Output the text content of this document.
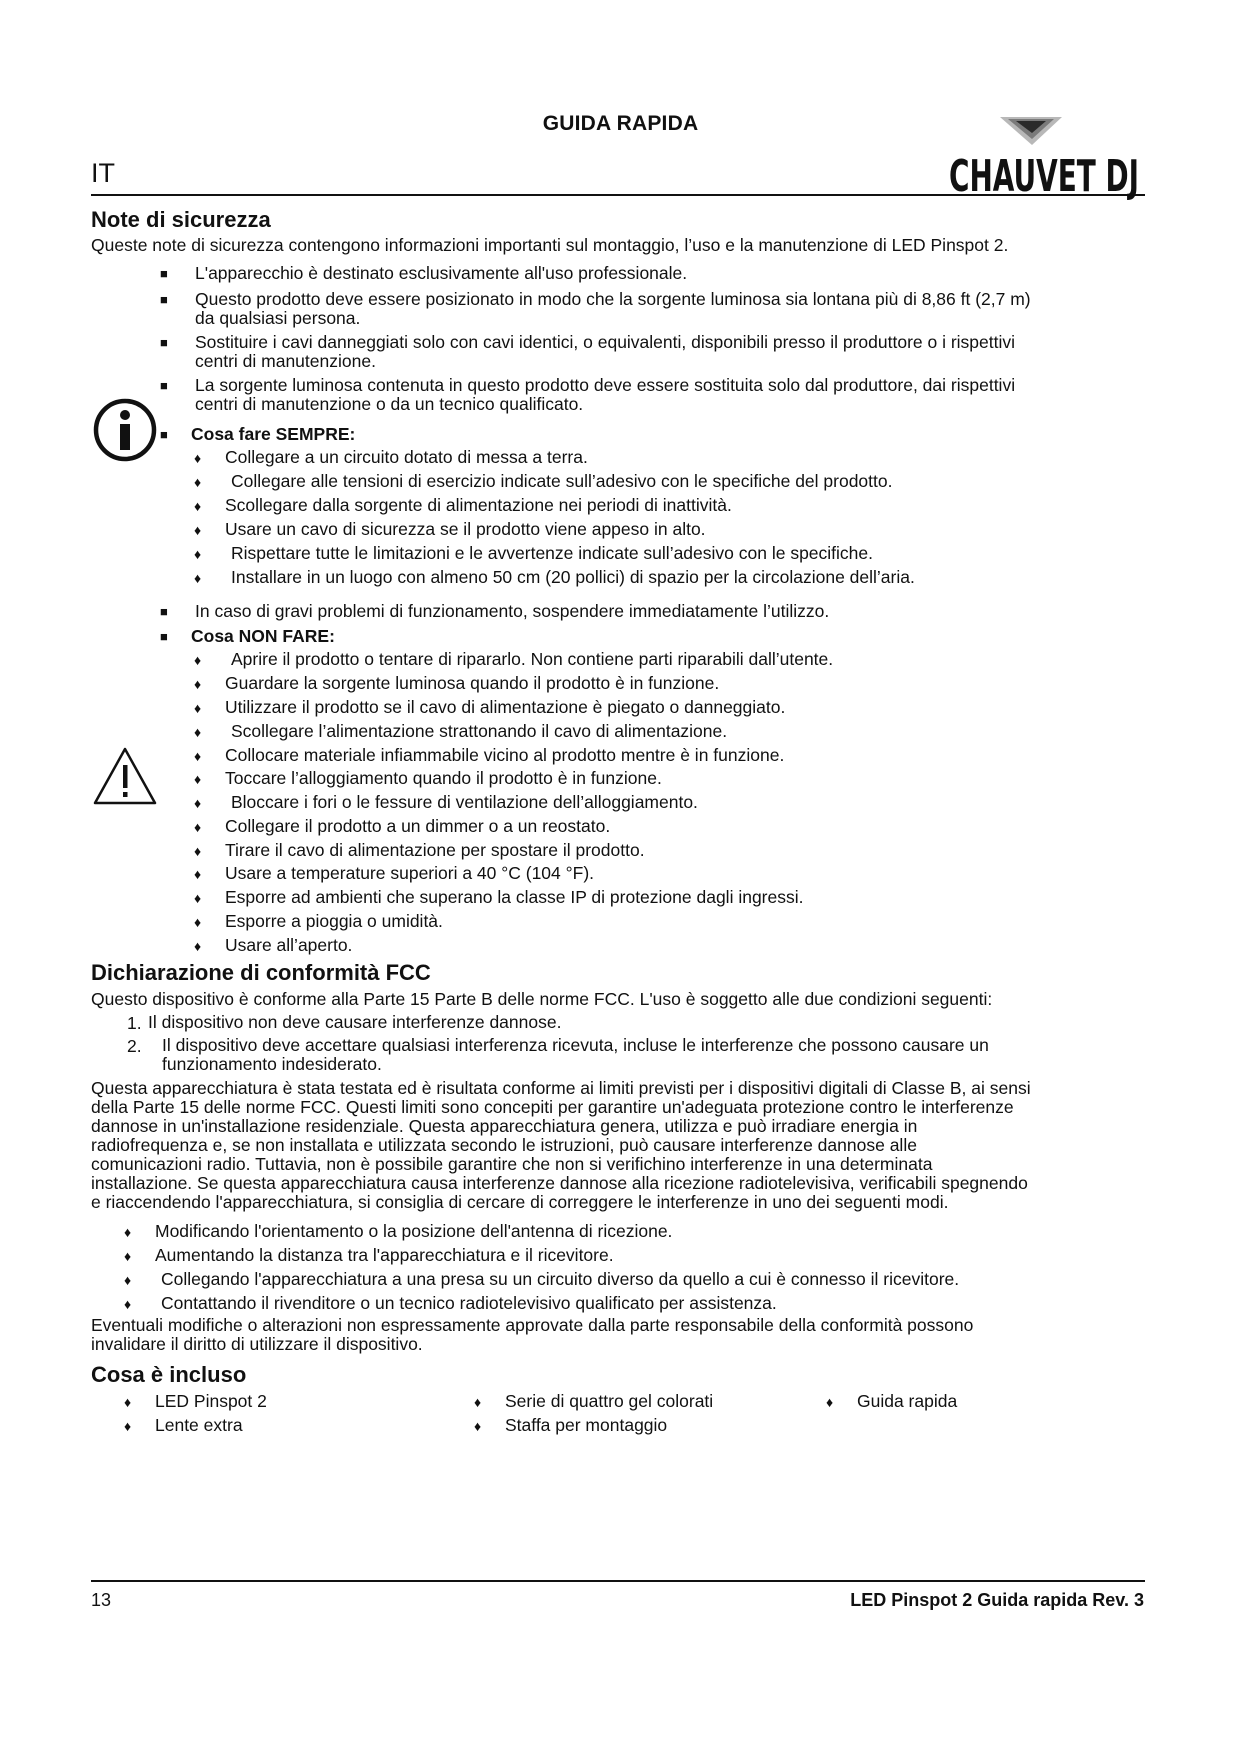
GUIDA RAPIDA
IT	CHAUVET DJ
Note di sicurezza
Queste note di sicurezza contengono informazioni importanti sul montaggio, l’uso e la manutenzione di LED Pinspot 2.
■ L'apparecchio è destinato esclusivamente all'uso professionale.
■ Questo prodotto deve essere posizionato in modo che la sorgente luminosa sia lontana più di 8,86 ft (2,7 m)
da qualsiasi persona.
■ Sostituire i cavi danneggiati solo con cavi identici, o equivalenti, disponibili presso il produttore o i rispettivi
centri di manutenzione.
■ La sorgente luminosa contenuta in questo prodotto deve essere sostituita solo dal produttore, dai rispettivi
centri di manutenzione o da un tecnico qualificato.
■ Cosa fare SEMPRE:
♦ Collegare a un circuito dotato di messa a terra.
♦ Collegare alle tensioni di esercizio indicate sull’adesivo con le specifiche del prodotto.
♦ Scollegare dalla sorgente di alimentazione nei periodi di inattività.
♦ Usare un cavo di sicurezza se il prodotto viene appeso in alto.
♦ Rispettare tutte le limitazioni e le avvertenze indicate sull’adesivo con le specifiche.
♦ Installare in un luogo con almeno 50 cm (20 pollici) di spazio per la circolazione dell’aria.
■ In caso di gravi problemi di funzionamento, sospendere immediatamente l’utilizzo.
■ Cosa NON FARE:
♦ Aprire il prodotto o tentare di ripararlo. Non contiene parti riparabili dall’utente.
♦ Guardare la sorgente luminosa quando il prodotto è in funzione.
♦ Utilizzare il prodotto se il cavo di alimentazione è piegato o danneggiato.
♦ Scollegare l’alimentazione strattonando il cavo di alimentazione.
♦ Collocare materiale infiammabile vicino al prodotto mentre è in funzione.
♦ Toccare l’alloggiamento quando il prodotto è in funzione.
♦ Bloccare i fori o le fessure di ventilazione dell’alloggiamento.
♦ Collegare il prodotto a un dimmer o a un reostato.
♦ Tirare il cavo di alimentazione per spostare il prodotto.
♦ Usare a temperature superiori a 40 °C (104 °F).
♦ Esporre ad ambienti che superano la classe IP di protezione dagli ingressi.
♦ Esporre a pioggia o umidità.
♦ Usare all’aperto.
Dichiarazione di conformità FCC
Questo dispositivo è conforme alla Parte 15 Parte B delle norme FCC. L'uso è soggetto alle due condizioni seguenti:
1. Il dispositivo non deve causare interferenze dannose.
2. Il dispositivo deve accettare qualsiasi interferenza ricevuta, incluse le interferenze che possono causare un
funzionamento indesiderato.
Questa apparecchiatura è stata testata ed è risultata conforme ai limiti previsti per i dispositivi digitali di Classe B, ai sensi
della Parte 15 delle norme FCC. Questi limiti sono concepiti per garantire un'adeguata protezione contro le interferenze
dannose in un'installazione residenziale. Questa apparecchiatura genera, utilizza e può irradiare energia in
radiofrequenza e, se non installata e utilizzata secondo le istruzioni, può causare interferenze dannose alle
comunicazioni radio. Tuttavia, non è possibile garantire che non si verifichino interferenze in una determinata
installazione. Se questa apparecchiatura causa interferenze dannose alla ricezione radiotelevisiva, verificabili spegnendo
e riaccendendo l'apparecchiatura, si consiglia di cercare di correggere le interferenze in uno dei seguenti modi.
♦ Modificando l'orientamento o la posizione dell'antenna di ricezione.
♦ Aumentando la distanza tra l'apparecchiatura e il ricevitore.
♦ Collegando l'apparecchiatura a una presa su un circuito diverso da quello a cui è connesso il ricevitore.
♦ Contattando il rivenditore o un tecnico radiotelevisivo qualificato per assistenza.
Eventuali modifiche o alterazioni non espressamente approvate dalla parte responsabile della conformità possono
invalidare il diritto di utilizzare il dispositivo.
Cosa è incluso
♦ LED Pinspot 2
♦ Lente extra
♦ Serie di quattro gel colorati
♦ Staffa per montaggio
♦ Guida rapida
13	LED Pinspot 2 Guida rapida Rev. 3
